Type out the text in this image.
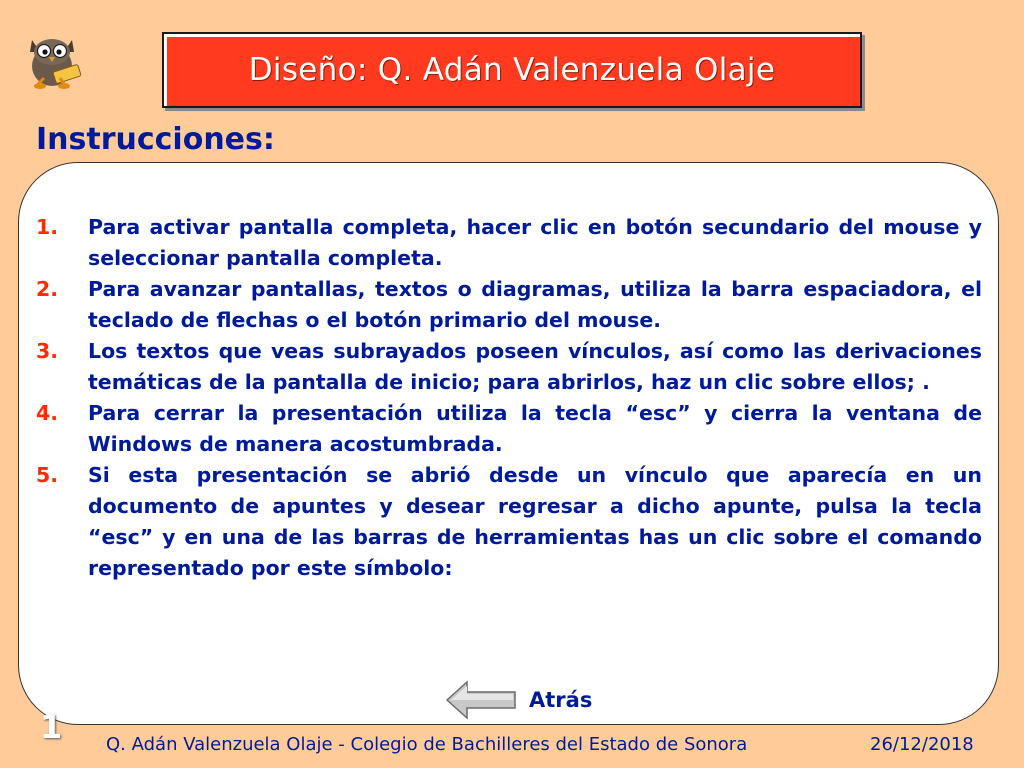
Diseño: Q. Adán Valenzuela Olaje
Instrucciones:
1. Para activar pantalla completa, hacer clic en botón secundario del mouse y seleccionar pantalla completa.
2. Para avanzar pantallas, textos o diagramas, utiliza la barra espaciadora, el teclado de flechas o el botón primario del mouse.
3. Los textos que veas subrayados poseen vínculos, así como las derivaciones temáticas de la pantalla de inicio; para abrirlos, haz un clic sobre ellos; .
4. Para cerrar la presentación utiliza la tecla “esc” y cierra la ventana de Windows de manera acostumbrada.
5. Si esta presentación se abrió desde un vínculo que aparecía en un documento de apuntes y desear regresar a dicho apunte, pulsa la tecla “esc” y en una de las barras de herramientas has un clic sobre el comando representado por este símbolo:
Atrás
1 Q. Adán Valenzuela Olaje - Colegio de Bachilleres del Estado de Sonora	26/12/2018
